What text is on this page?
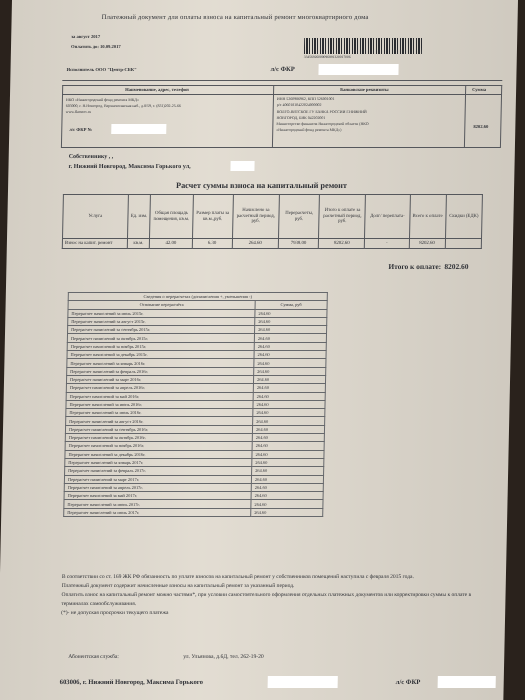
Платежный документ для оплаты взноса на капитальный ремонт многоквартирного дома
за август 2017
Оплатить до: 10.09.2017
33456926000096891320017006
Исполнитель ООО "Центр-СБК"	л/с ФКР
Наименование, адрес, телефон	Банковские реквизиты	Сумма
НКО «Нижегородский фонд ремонта МКД»
603000, г. Н.Новгород, Верхневолжская наб., д.8/59, т. (831)202-25-66
www.fkrnnov.ru
л/с ФКР №
ИНН 5260986962, КПП 526001001
р/с 40601810422024000002
ВОЛГО-ВЯТСКОЕ ГУ БАНКА РОССИИ Г.НИЖНИЙ
НОВГОРОД, БИК 042202001
Министерство финансов Нижегородской области (НКО
«Нижегородский фонд ремонта МКД»)
8202.60
Собственнику , ,
г. Нижний Новгород, Максима Горького ул,
Расчет суммы взноса на капитальный ремонт
Услуга	Ед. изм.	Общая площадь помещения, кв.м.	Размер платы за кв.м.,руб.	Начислено за расчетный период, руб.	Перерасчеты, руб.	Итого к оплате за расчетный период, руб.	Долг/ переплата-	Всего к оплате	Скидки (ЕДК)
Взнос на капит. ремонт	кв.м.	42.00	6.30	264.60	7938.00	8202.60	-	8202.60	
Итого к оплате: 8202.60
Сведения о перерасчетах (доначисления +, уменьшения -)	
Основание перерасчёта	Сумма, руб
Перерасчет начислений за июль 2015г.	264.60
Перерасчет начислений за август 2015г.	264.60
Перерасчет начислений за сентябрь 2015г.	264.60
Перерасчет начислений за октябрь 2015г.	264.60
Перерасчет начислений за ноябрь 2015г.	264.60
Перерасчет начислений за декабрь 2015г.	264.60
Перерасчет начислений за январь 2016г.	264.60
Перерасчет начислений за февраль 2016г.	264.60
Перерасчет начислений за март 2016г.	264.60
Перерасчет начислений за апрель 2016г.	264.60
Перерасчет начислений за май 2016г.	264.60
Перерасчет начислений за июнь 2016г.	264.60
Перерасчет начислений за июль 2016г.	264.60
Перерасчет начислений за август 2016г.	264.60
Перерасчет начислений за сентябрь 2016г.	264.60
Перерасчет начислений за октябрь 2016г.	264.60
Перерасчет начислений за ноябрь 2016г.	264.60
Перерасчет начислений за декабрь 2016г.	264.60
Перерасчет начислений за январь 2017г.	264.60
Перерасчет начислений за февраль 2017г.	264.60
Перерасчет начислений за март 2017г.	264.60
Перерасчет начислений за апрель 2017г.	264.60
Перерасчет начислений за май 2017г.	264.60
Перерасчет начислений за июнь 2017г.	264.60
Перерасчет начислений за июль 2017г.	264.60

В соответствии со ст. 169 ЖК РФ обязанность по уплате взносов на капитальный ремонт у собственников помещений наступила с февраля 2015 года.

Платежный документ содержит начисленные взносы на капитальный ремонт за указанный период.

Оплатить взнос на капитальный ремонт можно частями*, при условии самостоятельного оформления отдельных платежных документов или корректировки суммы к оплате в терминалах самообслуживания.

(*)- не допуская просрочки текущего платежа

Абонентская служба:	ул. Ульянова, д.6Д, тел. 262-19-20
603006, г. Нижний Новгород, Максима Горького	л/с ФКР
